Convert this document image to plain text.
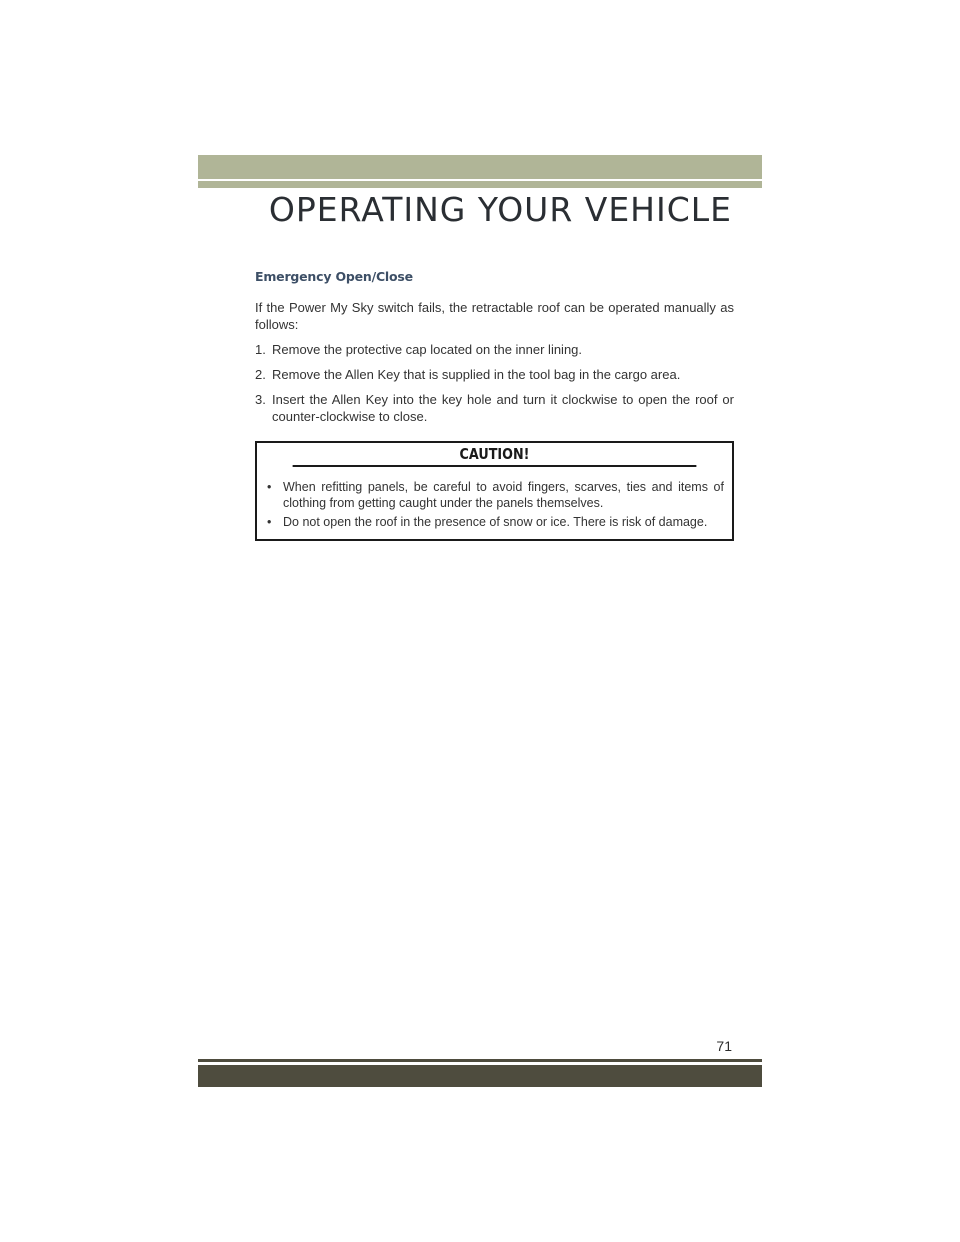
OPERATING YOUR VEHICLE
Emergency Open/Close

If the Power My Sky switch fails, the retractable roof can be operated manually as follows:

1. Remove the protective cap located on the inner lining.
2. Remove the Allen Key that is supplied in the tool bag in the cargo area.
3. Insert the Allen Key into the key hole and turn it clockwise to open the roof or counter-clockwise to close.
CAUTION!
• When refitting panels, be careful to avoid fingers, scarves, ties and items of clothing from getting caught under the panels themselves.
• Do not open the roof in the presence of snow or ice. There is risk of damage.
71
